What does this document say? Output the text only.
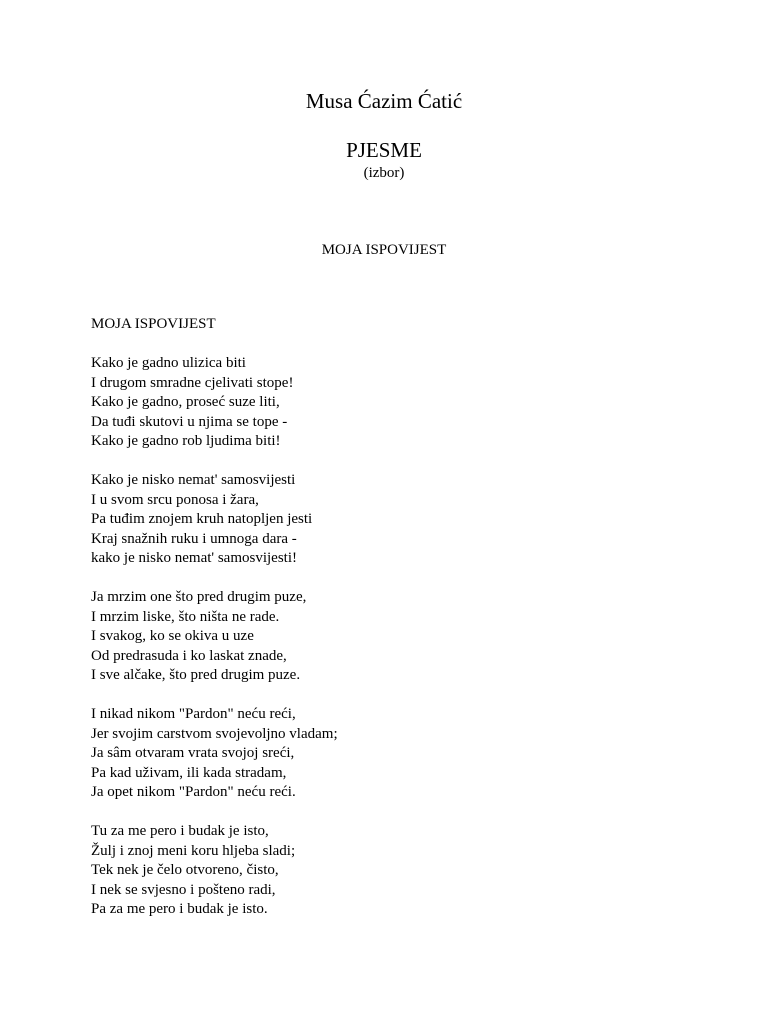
Musa Ćazim Ćatić
PJESME
(izbor)
MOJA ISPOVIJEST
MOJA ISPOVIJEST
Kako je gadno ulizica biti
I drugom smradne cjelivati stope!
Kako je gadno, proseć suze liti,
Da tuđi skutovi u njima se tope -
Kako je gadno rob ljudima biti!
Kako je nisko nemat' samosvijesti
I u svom srcu ponosa i žara,
Pa tuđim znojem kruh natopljen jesti
Kraj snažnih ruku i umnoga dara -
kako je nisko nemat' samosvijesti!
Ja mrzim one što pred drugim puze,
I mrzim liske, što ništa ne rade.
I svakog, ko se okiva u uze
Od predrasuda i ko laskat znade,
I sve alčake, što pred drugim puze.
I nikad nikom "Pardon" neću reći,
Jer svojim carstvom svojevoljno vladam;
Ja sâm otvaram vrata svojoj sreći,
Pa kad uživam, ili kada stradam,
Ja opet nikom "Pardon" neću reći.
Tu za me pero i budak je isto,
Žulj i znoj meni koru hljeba sladi;
Tek nek je čelo otvoreno, čisto,
I nek se svjesno i pošteno radi,
Pa za me pero i budak je isto.
